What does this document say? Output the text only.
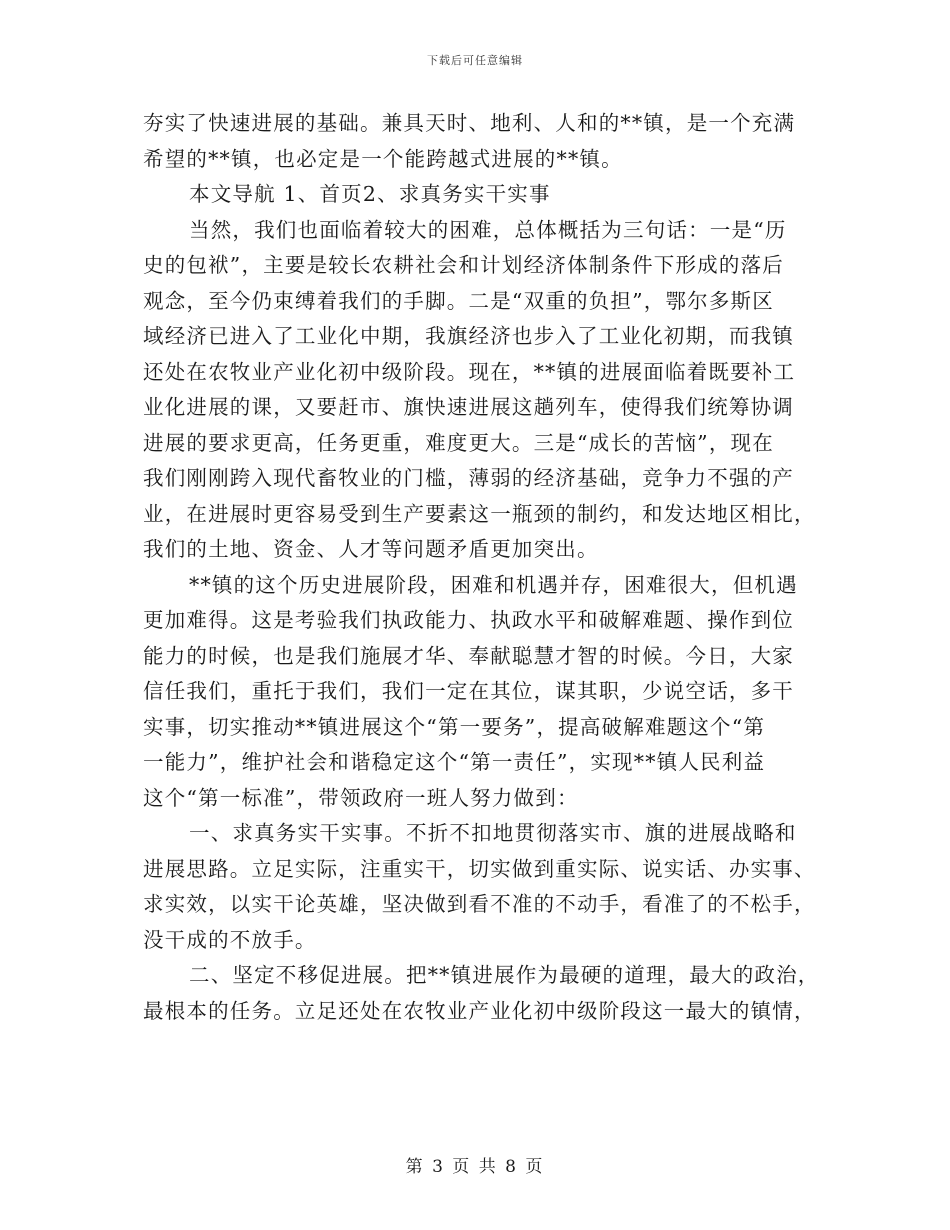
下载后可任意编辑
夯实了快速进展的基础。兼具天时、地利、人和的**镇，是一个充满
希望的**镇，也必定是一个能跨越式进展的**镇。
本文导航 1、首页2、求真务实干实事
当然，我们也面临着较大的困难，总体概括为三句话：一是“历
史的包袱”，主要是较长农耕社会和计划经济体制条件下形成的落后
观念，至今仍束缚着我们的手脚。二是“双重的负担”，鄂尔多斯区
域经济已进入了工业化中期，我旗经济也步入了工业化初期，而我镇
还处在农牧业产业化初中级阶段。现在，**镇的进展面临着既要补工
业化进展的课，又要赶市、旗快速进展这趟列车，使得我们统筹协调
进展的要求更高，任务更重，难度更大。三是“成长的苦恼”，现在
我们刚刚跨入现代畜牧业的门槛，薄弱的经济基础，竞争力不强的产
业，在进展时更容易受到生产要素这一瓶颈的制约，和发达地区相比，
我们的土地、资金、人才等问题矛盾更加突出。
**镇的这个历史进展阶段，困难和机遇并存，困难很大，但机遇
更加难得。这是考验我们执政能力、执政水平和破解难题、操作到位
能力的时候，也是我们施展才华、奉献聪慧才智的时候。今日，大家
信任我们，重托于我们，我们一定在其位，谋其职，少说空话，多干
实事，切实推动**镇进展这个“第一要务”，提高破解难题这个“第
一能力”，维护社会和谐稳定这个“第一责任”，实现**镇人民利益
这个“第一标准”，带领政府一班人努力做到：
一、求真务实干实事。不折不扣地贯彻落实市、旗的进展战略和
进展思路。立足实际，注重实干，切实做到重实际、说实话、办实事、
求实效，以实干论英雄，坚决做到看不准的不动手，看准了的不松手，
没干成的不放手。
二、坚定不移促进展。把**镇进展作为最硬的道理，最大的政治，
最根本的任务。立足还处在农牧业产业化初中级阶段这一最大的镇情，
第 3 页 共 8 页
